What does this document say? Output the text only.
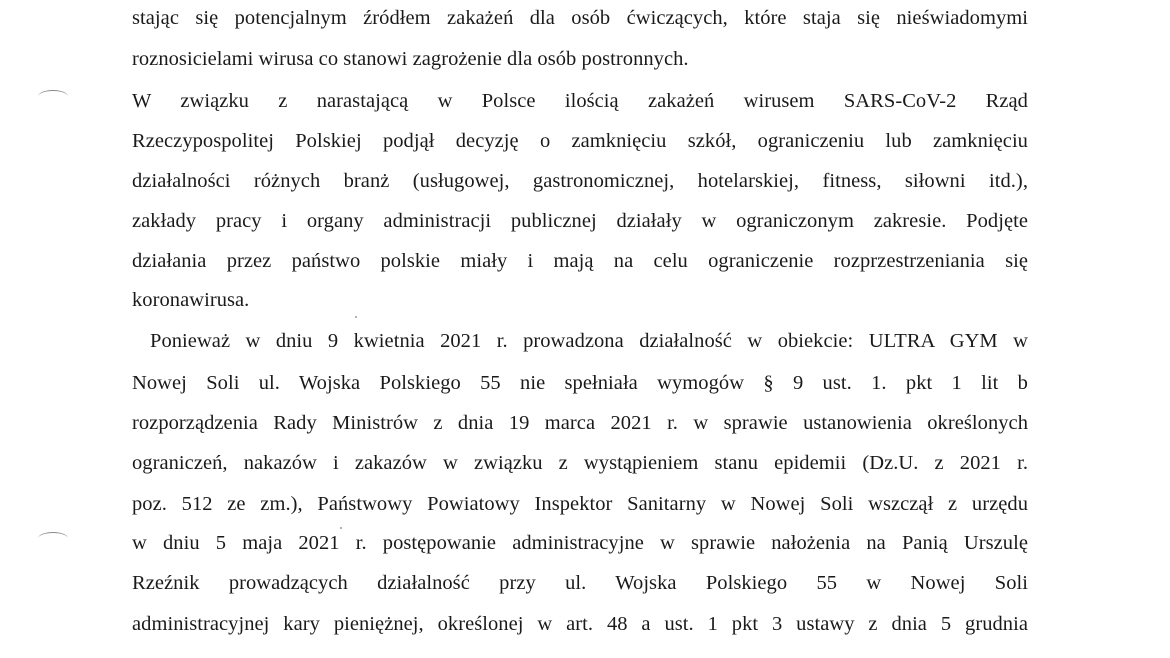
stając się potencjalnym źródłem zakażeń dla osób ćwiczących, które staja się nieświadomymi
roznosicielami wirusa co stanowi zagrożenie dla osób postronnych.
W związku z narastającą w Polsce ilością zakażeń wirusem SARS-CoV-2 Rząd
Rzeczypospolitej Polskiej podjął decyzję o zamknięciu szkół, ograniczeniu lub zamknięciu
działalności różnych branż (usługowej, gastronomicznej, hotelarskiej, fitness, siłowni itd.),
zakłady pracy i organy administracji publicznej działały w ograniczonym zakresie. Podjęte
działania przez państwo polskie miały i mają na celu ograniczenie rozprzestrzeniania się
koronawirusa.
Ponieważ w dniu 9 kwietnia 2021 r. prowadzona działalność w obiekcie: ULTRA GYM w
Nowej Soli ul. Wojska Polskiego 55 nie spełniała wymogów § 9 ust. 1. pkt 1 lit b
rozporządzenia Rady Ministrów z dnia 19 marca 2021 r. w sprawie ustanowienia określonych
ograniczeń, nakazów i zakazów w związku z wystąpieniem stanu epidemii (Dz.U. z 2021 r.
poz. 512 ze zm.), Państwowy Powiatowy Inspektor Sanitarny w Nowej Soli wszczął z urzędu
w dniu 5 maja 2021 r. postępowanie administracyjne w sprawie nałożenia na Panią Urszulę
Rzeźnik prowadzących działalność przy ul. Wojska Polskiego 55 w Nowej Soli
administracyjnej kary pieniężnej, określonej w art. 48 a ust. 1 pkt 3 ustawy z dnia 5 grudnia
